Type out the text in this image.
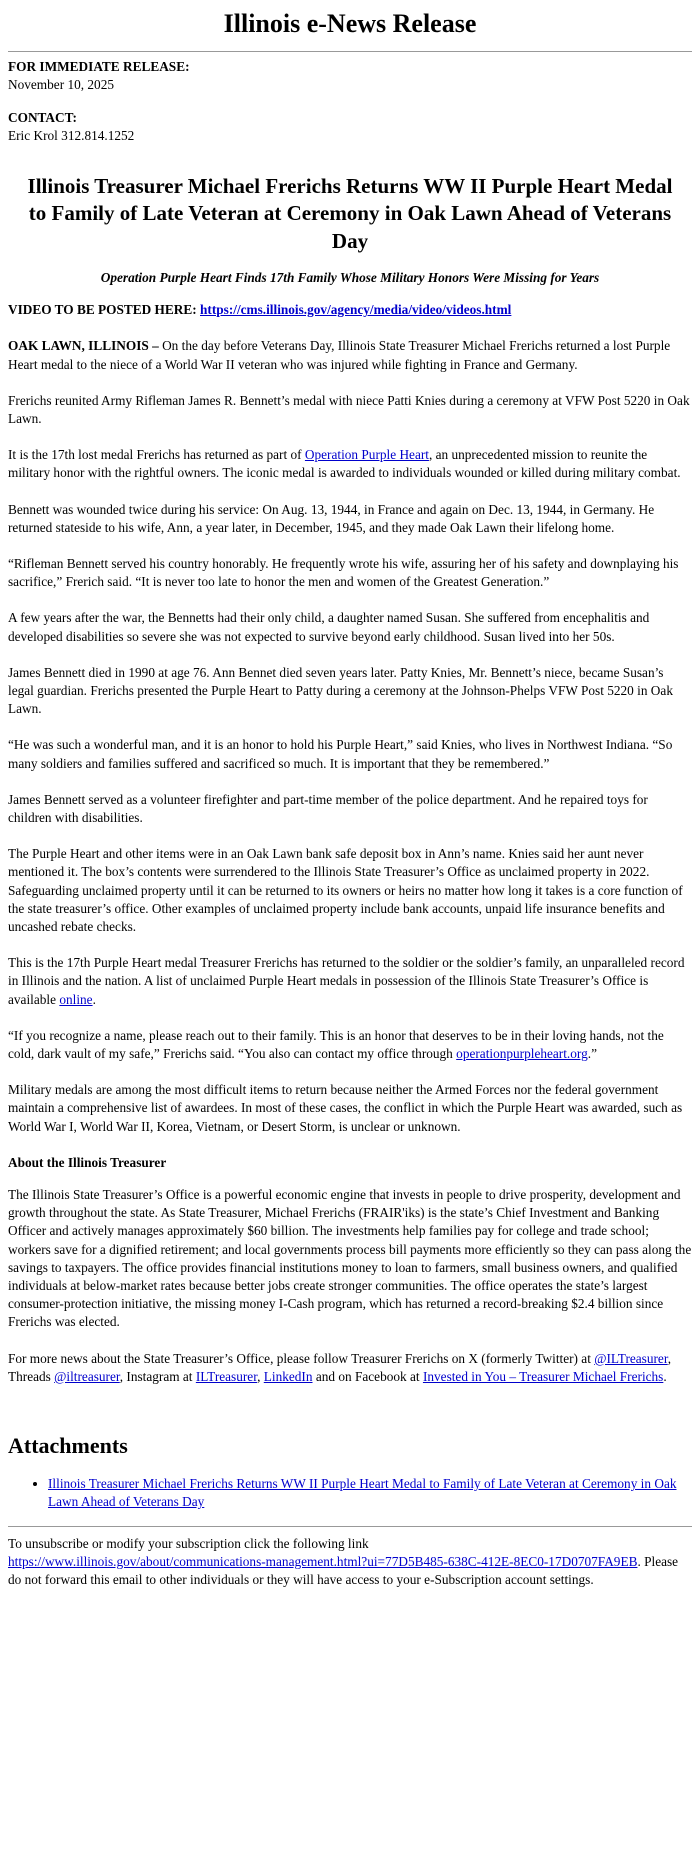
Illinois e-News Release
FOR IMMEDIATE RELEASE:
November 10, 2025
CONTACT:
Eric Krol 312.814.1252
Illinois Treasurer Michael Frerichs Returns WW II Purple Heart Medal to Family of Late Veteran at Ceremony in Oak Lawn Ahead of Veterans Day
Operation Purple Heart Finds 17th Family Whose Military Honors Were Missing for Years

VIDEO TO BE POSTED HERE: https://cms.illinois.gov/agency/media/video/videos.html

OAK LAWN, ILLINOIS – On the day before Veterans Day, Illinois State Treasurer Michael Frerichs returned a lost Purple Heart medal to the niece of a World War II veteran who was injured while fighting in France and Germany.

Frerichs reunited Army Rifleman James R. Bennett’s medal with niece Patti Knies during a ceremony at VFW Post 5220 in Oak Lawn.

It is the 17th lost medal Frerichs has returned as part of Operation Purple Heart, an unprecedented mission to reunite the military honor with the rightful owners. The iconic medal is awarded to individuals wounded or killed during military combat.

Bennett was wounded twice during his service: On Aug. 13, 1944, in France and again on Dec. 13, 1944, in Germany. He returned stateside to his wife, Ann, a year later, in December, 1945, and they made Oak Lawn their lifelong home.

“Rifleman Bennett served his country honorably. He frequently wrote his wife, assuring her of his safety and downplaying his sacrifice,” Frerich said. “It is never too late to honor the men and women of the Greatest Generation.”

A few years after the war, the Bennetts had their only child, a daughter named Susan. She suffered from encephalitis and developed disabilities so severe she was not expected to survive beyond early childhood. Susan lived into her 50s.

James Bennett died in 1990 at age 76. Ann Bennet died seven years later. Patty Knies, Mr. Bennett’s niece, became Susan’s legal guardian. Frerichs presented the Purple Heart to Patty during a ceremony at the Johnson-Phelps VFW Post 5220 in Oak Lawn.

“He was such a wonderful man, and it is an honor to hold his Purple Heart,” said Knies, who lives in Northwest Indiana. “So many soldiers and families suffered and sacrificed so much. It is important that they be remembered.”

James Bennett served as a volunteer firefighter and part-time member of the police department. And he repaired toys for children with disabilities.

The Purple Heart and other items were in an Oak Lawn bank safe deposit box in Ann’s name. Knies said her aunt never mentioned it. The box’s contents were surrendered to the Illinois State Treasurer’s Office as unclaimed property in 2022. Safeguarding unclaimed property until it can be returned to its owners or heirs no matter how long it takes is a core function of the state treasurer’s office. Other examples of unclaimed property include bank accounts, unpaid life insurance benefits and uncashed rebate checks.

This is the 17th Purple Heart medal Treasurer Frerichs has returned to the soldier or the soldier’s family, an unparalleled record in Illinois and the nation. A list of unclaimed Purple Heart medals in possession of the Illinois State Treasurer’s Office is available online.

“If you recognize a name, please reach out to their family. This is an honor that deserves to be in their loving hands, not the cold, dark vault of my safe,” Frerichs said. “You also can contact my office through operationpurpleheart.org.”

Military medals are among the most difficult items to return because neither the Armed Forces nor the federal government maintain a comprehensive list of awardees. In most of these cases, the conflict in which the Purple Heart was awarded, such as World War I, World War II, Korea, Vietnam, or Desert Storm, is unclear or unknown.

About the Illinois Treasurer

The Illinois State Treasurer’s Office is a powerful economic engine that invests in people to drive prosperity, development and growth throughout the state. As State Treasurer, Michael Frerichs (FRAIR'iks) is the state’s Chief Investment and Banking Officer and actively manages approximately $60 billion. The investments help families pay for college and trade school; workers save for a dignified retirement; and local governments process bill payments more efficiently so they can pass along the savings to taxpayers. The office provides financial institutions money to loan to farmers, small business owners, and qualified individuals at below-market rates because better jobs create stronger communities. The office operates the state’s largest consumer-protection initiative, the missing money I-Cash program, which has returned a record-breaking $2.4 billion since Frerichs was elected.

For more news about the State Treasurer’s Office, please follow Treasurer Frerichs on X (formerly Twitter) at @ILTreasurer, Threads @iltreasurer, Instagram at ILTreasurer, LinkedIn and on Facebook at Invested in You – Treasurer Michael Frerichs.

Attachments
• Illinois Treasurer Michael Frerichs Returns WW II Purple Heart Medal to Family of Late Veteran at Ceremony in Oak Lawn Ahead of Veterans Day

To unsubscribe or modify your subscription click the following link
https://www.illinois.gov/about/communications-management.html?ui=77D5B485-638C-412E-8EC0-17D0707FA9EB. Please do not forward this email to other individuals or they will have access to your e-Subscription account settings.
